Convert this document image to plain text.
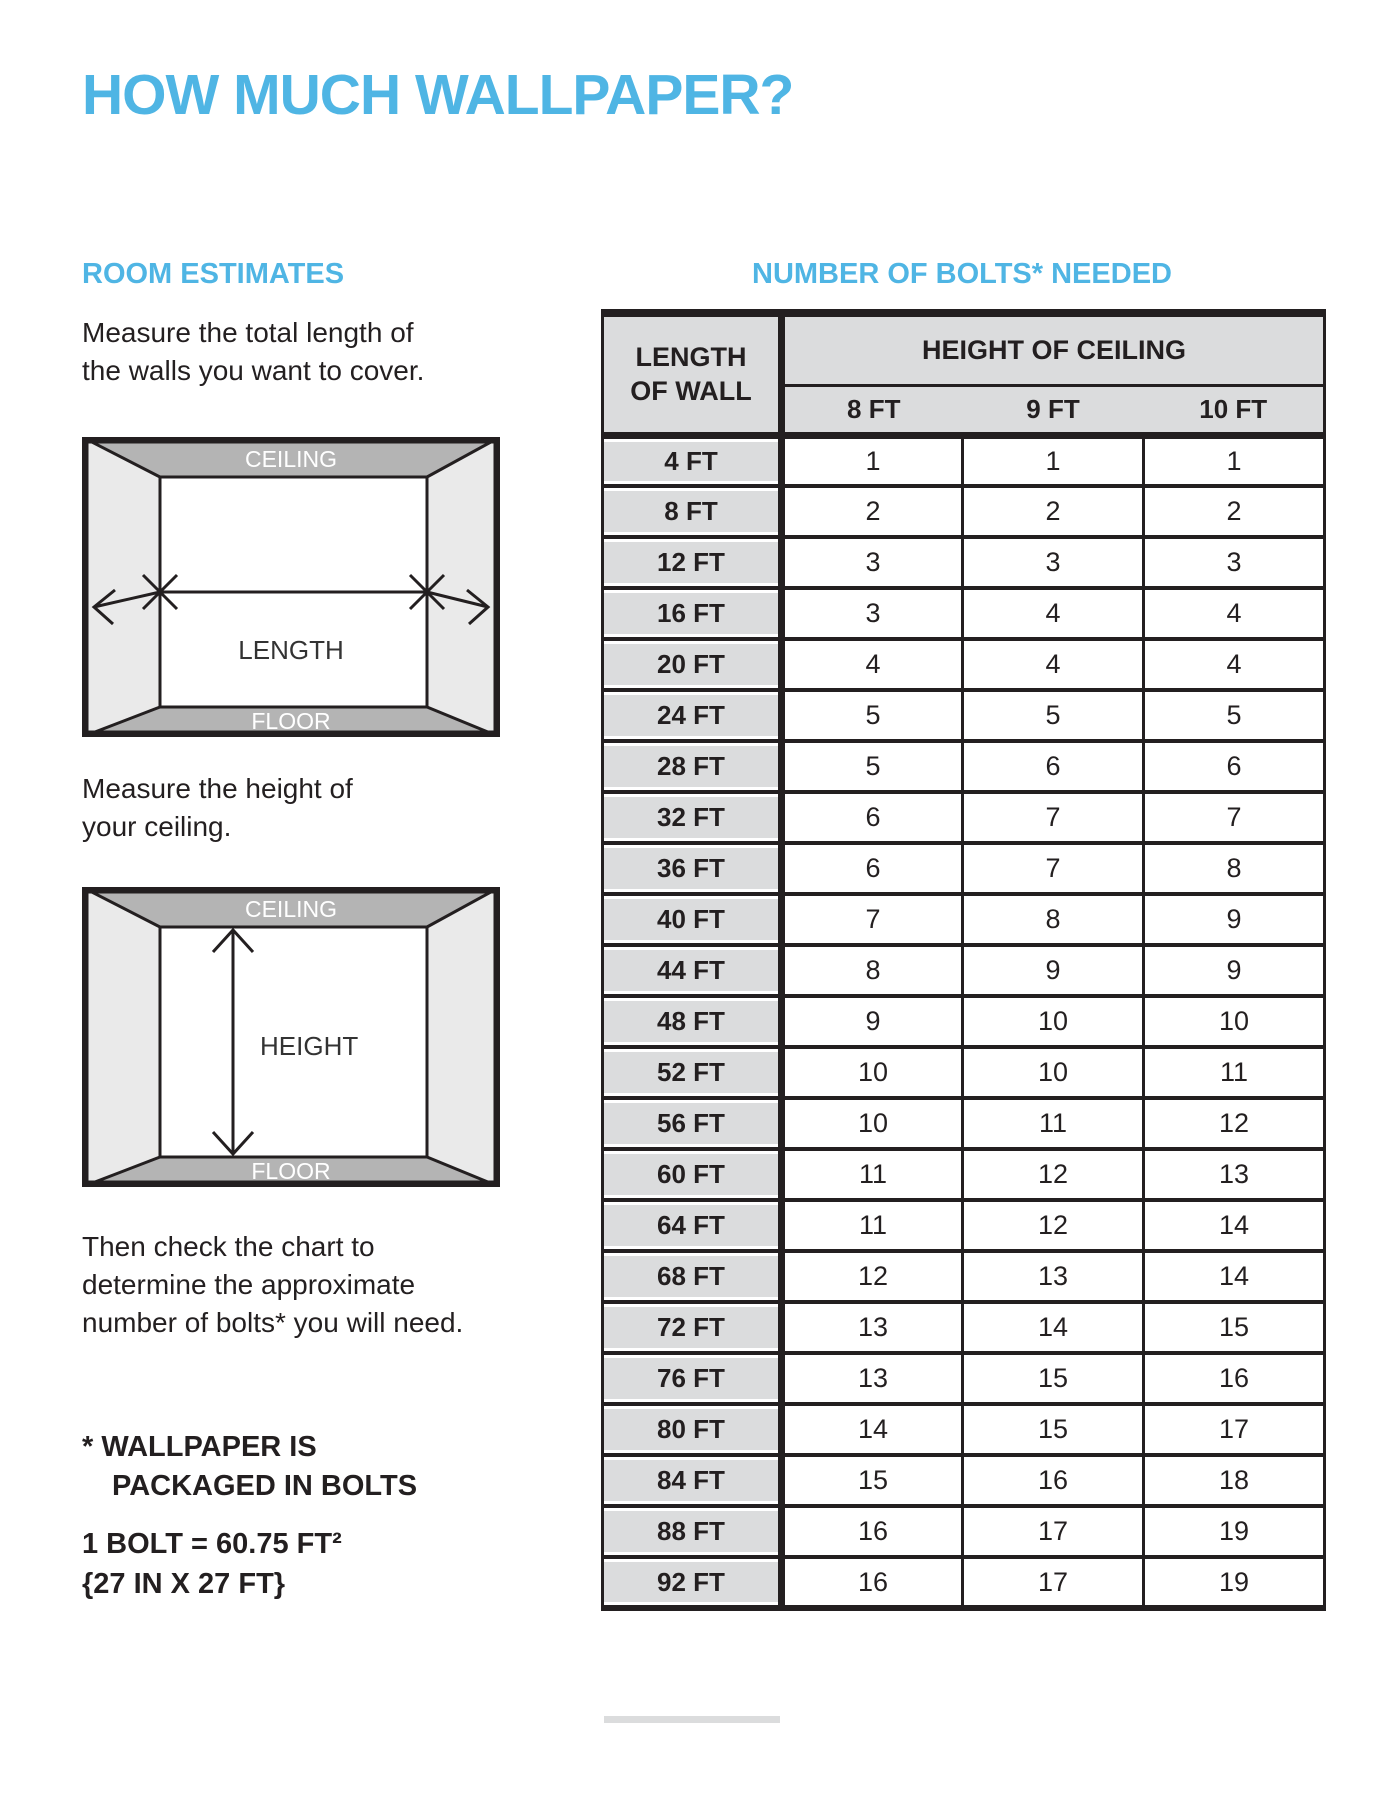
HOW MUCH WALLPAPER?
ROOM ESTIMATES
Measure the total length of
the walls you want to cover.
CEILING
FLOOR
LENGTH
Measure the height of
your ceiling.
CEILING
FLOOR
HEIGHT
Then check the chart to
determine the approximate
number of bolts* you will need.
* WALLPAPER IS
PACKAGED IN BOLTS
1 BOLT = 60.75 FT²
{27 IN X 27 FT}
NUMBER OF BOLTS* NEEDED
LENGTH
OF WALL	HEIGHT OF CEILING		
	8 FT	9 FT	10 FT
4 FT	1	1	1
8 FT	2	2	2
12 FT	3	3	3
16 FT	3	4	4
20 FT	4	4	4
24 FT	5	5	5
28 FT	5	6	6
32 FT	6	7	7
36 FT	6	7	8
40 FT	7	8	9
44 FT	8	9	9
48 FT	9	10	10
52 FT	10	10	11
56 FT	10	11	12
60 FT	11	12	13
64 FT	11	12	14
68 FT	12	13	14
72 FT	13	14	15
76 FT	13	15	16
80 FT	14	15	17
84 FT	15	16	18
88 FT	16	17	19
92 FT	16	17	19
